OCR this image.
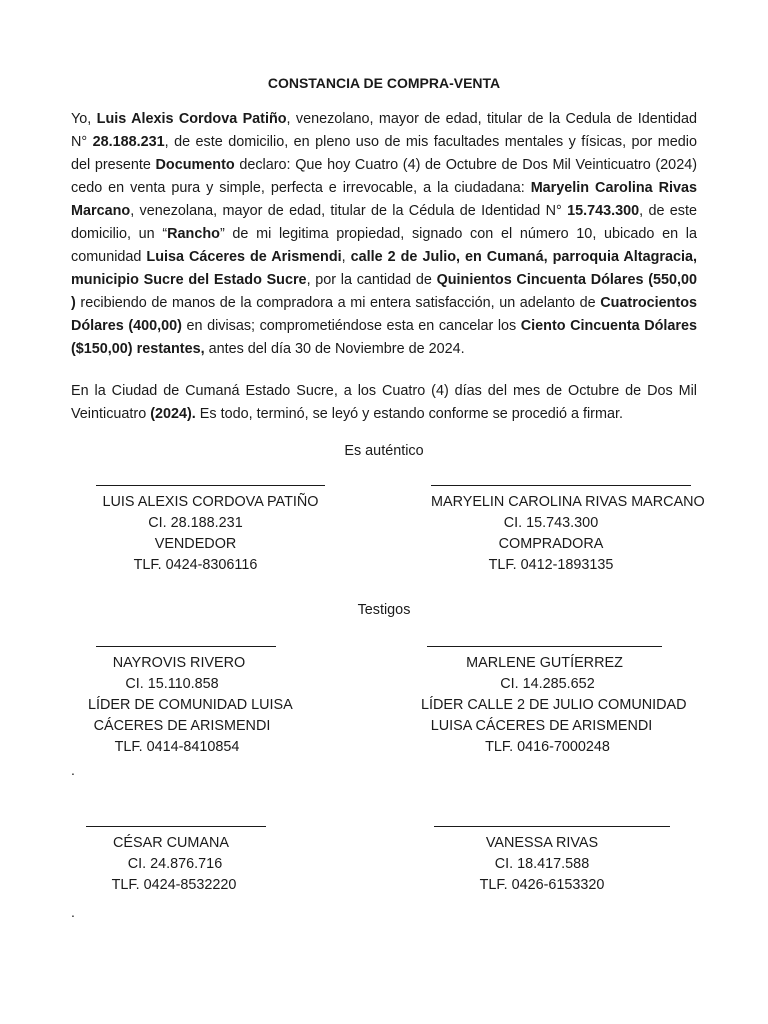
CONSTANCIA DE COMPRA-VENTA

Yo, Luis Alexis Cordova Patiño, venezolano, mayor de edad, titular de la Cedula de Identidad N° 28.188.231, de este domicilio, en pleno uso de mis facultades mentales y físicas, por medio del presente Documento declaro: Que hoy Cuatro (4) de Octubre de Dos Mil Veinticuatro (2024) cedo en venta pura y simple, perfecta e irrevocable, a la ciudadana: Maryelin Carolina Rivas Marcano, venezolana, mayor de edad, titular de la Cédula de Identidad N° 15.743.300, de este domicilio, un “Rancho” de mi legitima propiedad, signado con el número 10, ubicado en la comunidad Luisa Cáceres de Arismendi, calle 2 de Julio, en Cumaná, parroquia Altagracia, municipio Sucre del Estado Sucre, por la cantidad de Quinientos Cincuenta Dólares (550,00 ) recibiendo de manos de la compradora a mi entera satisfacción, un adelanto de Cuatrocientos Dólares (400,00) en divisas; comprometiéndose esta en cancelar los Ciento Cincuenta Dólares ($150,00) restantes, antes del día 30 de Noviembre de 2024.

En la Ciudad de Cumaná Estado Sucre, a los Cuatro (4) días del mes de Octubre de Dos Mil Veinticuatro (2024). Es todo, terminó, se leyó y estando conforme se procedió a firmar.

Es auténtico
LUIS ALEXIS CORDOVA PATIÑO
CI. 28.188.231
VENDEDOR
TLF. 0424-8306116
MARYELIN CAROLINA RIVAS MARCANO
CI. 15.743.300
COMPRADORA
TLF. 0412-1893135
Testigos
NAYROVIS RIVERO
CI. 15.110.858
LÍDER DE COMUNIDAD LUISA
CÁCERES DE ARISMENDI
TLF. 0414-8410854
MARLENE GUTÍERREZ
CI. 14.285.652
LÍDER CALLE 2 DE JULIO COMUNIDAD
LUISA CÁCERES DE ARISMENDI
TLF. 0416-7000248
.
CÉSAR CUMANA
CI. 24.876.716
TLF. 0424-8532220
VANESSA RIVAS
CI. 18.417.588
TLF. 0426-6153320
.
